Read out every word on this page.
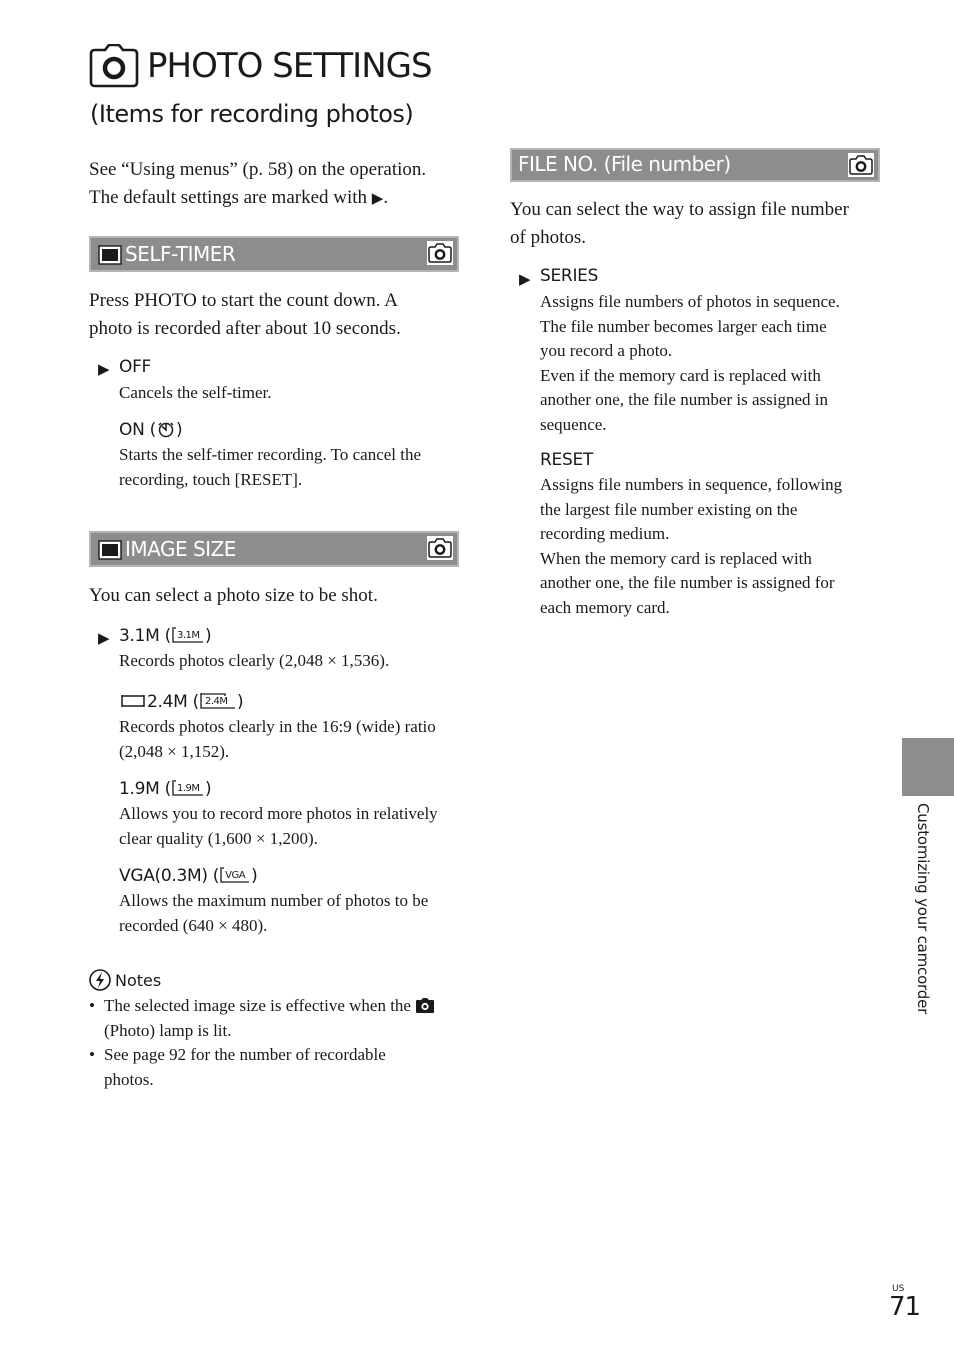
PHOTO SETTINGS
(Items for recording photos)
See “Using menus” (p. 58) on the operation.
The default settings are marked with ▶.
SELF-TIMER
Press PHOTO to start the count down. A
photo is recorded after about 10 seconds.
▶ OFF
Cancels the self-timer.
ON ( )
Starts the self-timer recording. To cancel the
recording, touch [RESET].
IMAGE SIZE
You can select a photo size to be shot.
▶ 3.1M ( 3.1M )
Records photos clearly (2,048 × 1,536).
2.4M ( 2.4M )
Records photos clearly in the 16:9 (wide) ratio
(2,048 × 1,152).
1.9M ( 1.9M )
Allows you to record more photos in relatively
clear quality (1,600 × 1,200).
VGA(0.3M) ( VGA )
Allows the maximum number of photos to be
recorded (640 × 480).
Notes
• The selected image size is effective when the
(Photo) lamp is lit.
• See page 92 for the number of recordable
photos.
FILE NO. (File number)
You can select the way to assign file number
of photos.
▶ SERIES
Assigns file numbers of photos in sequence.
The file number becomes larger each time
you record a photo.
Even if the memory card is replaced with
another one, the file number is assigned in
sequence.
RESET
Assigns file numbers in sequence, following
the largest file number existing on the
recording medium.
When the memory card is replaced with
another one, the file number is assigned for
each memory card.
Customizing your camcorder
US
71
